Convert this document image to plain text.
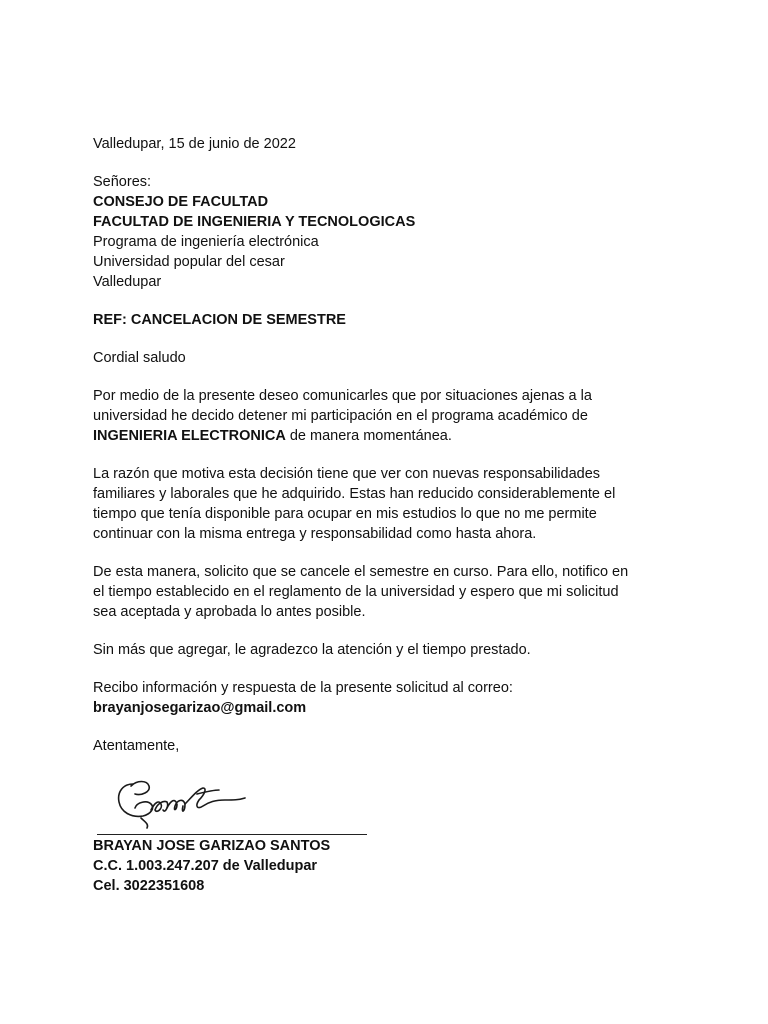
Valledupar, 15 de junio de 2022
Señores:
CONSEJO DE FACULTAD
FACULTAD DE INGENIERIA Y TECNOLOGICAS
Programa de ingeniería electrónica
Universidad popular del cesar
Valledupar
REF: CANCELACION DE SEMESTRE
Cordial saludo
Por medio de la presente deseo comunicarles que por situaciones ajenas a la
universidad he decido detener mi participación en el programa académico de
INGENIERIA ELECTRONICA de manera momentánea.
La razón que motiva esta decisión tiene que ver con nuevas responsabilidades
familiares y laborales que he adquirido. Estas han reducido considerablemente el
tiempo que tenía disponible para ocupar en mis estudios lo que no me permite
continuar con la misma entrega y responsabilidad como hasta ahora.
De esta manera, solicito que se cancele el semestre en curso. Para ello, notifico en
el tiempo establecido en el reglamento de la universidad y espero que mi solicitud
sea aceptada y aprobada lo antes posible.
Sin más que agregar, le agradezco la atención y el tiempo prestado.
Recibo información y respuesta de la presente solicitud al correo:
brayanjosegarizao@gmail.com
Atentamente,
BRAYAN JOSE GARIZAO SANTOS
C.C. 1.003.247.207 de Valledupar
Cel. 3022351608
